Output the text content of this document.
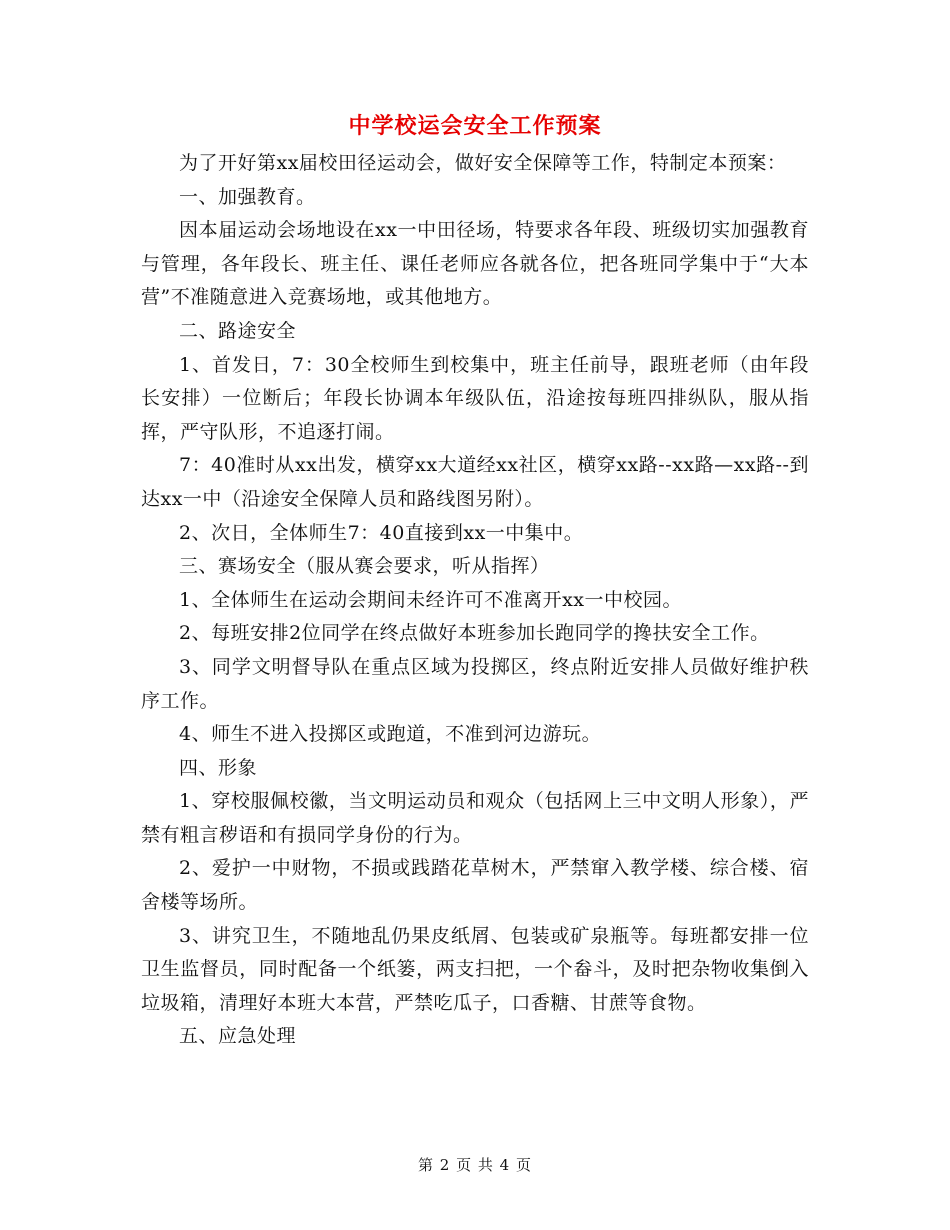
中学校运会安全工作预案

为了开好第xx届校田径运动会，做好安全保障等工作，特制定本预案：

一、加强教育。

因本届运动会场地设在xx一中田径场，特要求各年段、班级切实加强教育与管理，各年段长、班主任、课任老师应各就各位，把各班同学集中于“大本营”不准随意进入竞赛场地，或其他地方。

二、路途安全

1、首发日，7：30全校师生到校集中，班主任前导，跟班老师（由年段长安排）一位断后；年段长协调本年级队伍，沿途按每班四排纵队，服从指挥，严守队形，不追逐打闹。

7：40准时从xx出发，横穿xx大道经xx社区，横穿xx路--xx路—xx路--到达xx一中（沿途安全保障人员和路线图另附）。

2、次日，全体师生7：40直接到xx一中集中。

三、赛场安全（服从赛会要求，听从指挥）

1、全体师生在运动会期间未经许可不准离开xx一中校园。

2、每班安排2位同学在终点做好本班参加长跑同学的搀扶安全工作。

3、同学文明督导队在重点区域为投掷区，终点附近安排人员做好维护秩序工作。

4、师生不进入投掷区或跑道，不准到河边游玩。

四、形象

1、穿校服佩校徽，当文明运动员和观众（包括网上三中文明人形象），严禁有粗言秽语和有损同学身份的行为。

2、爱护一中财物，不损或践踏花草树木，严禁窜入教学楼、综合楼、宿舍楼等场所。

3、讲究卫生，不随地乱仍果皮纸屑、包装或矿泉瓶等。每班都安排一位卫生监督员，同时配备一个纸篓，两支扫把，一个畚斗，及时把杂物收集倒入垃圾箱，清理好本班大本营，严禁吃瓜子，口香糖、甘蔗等食物。

五、应急处理

第 2 页 共 4 页
